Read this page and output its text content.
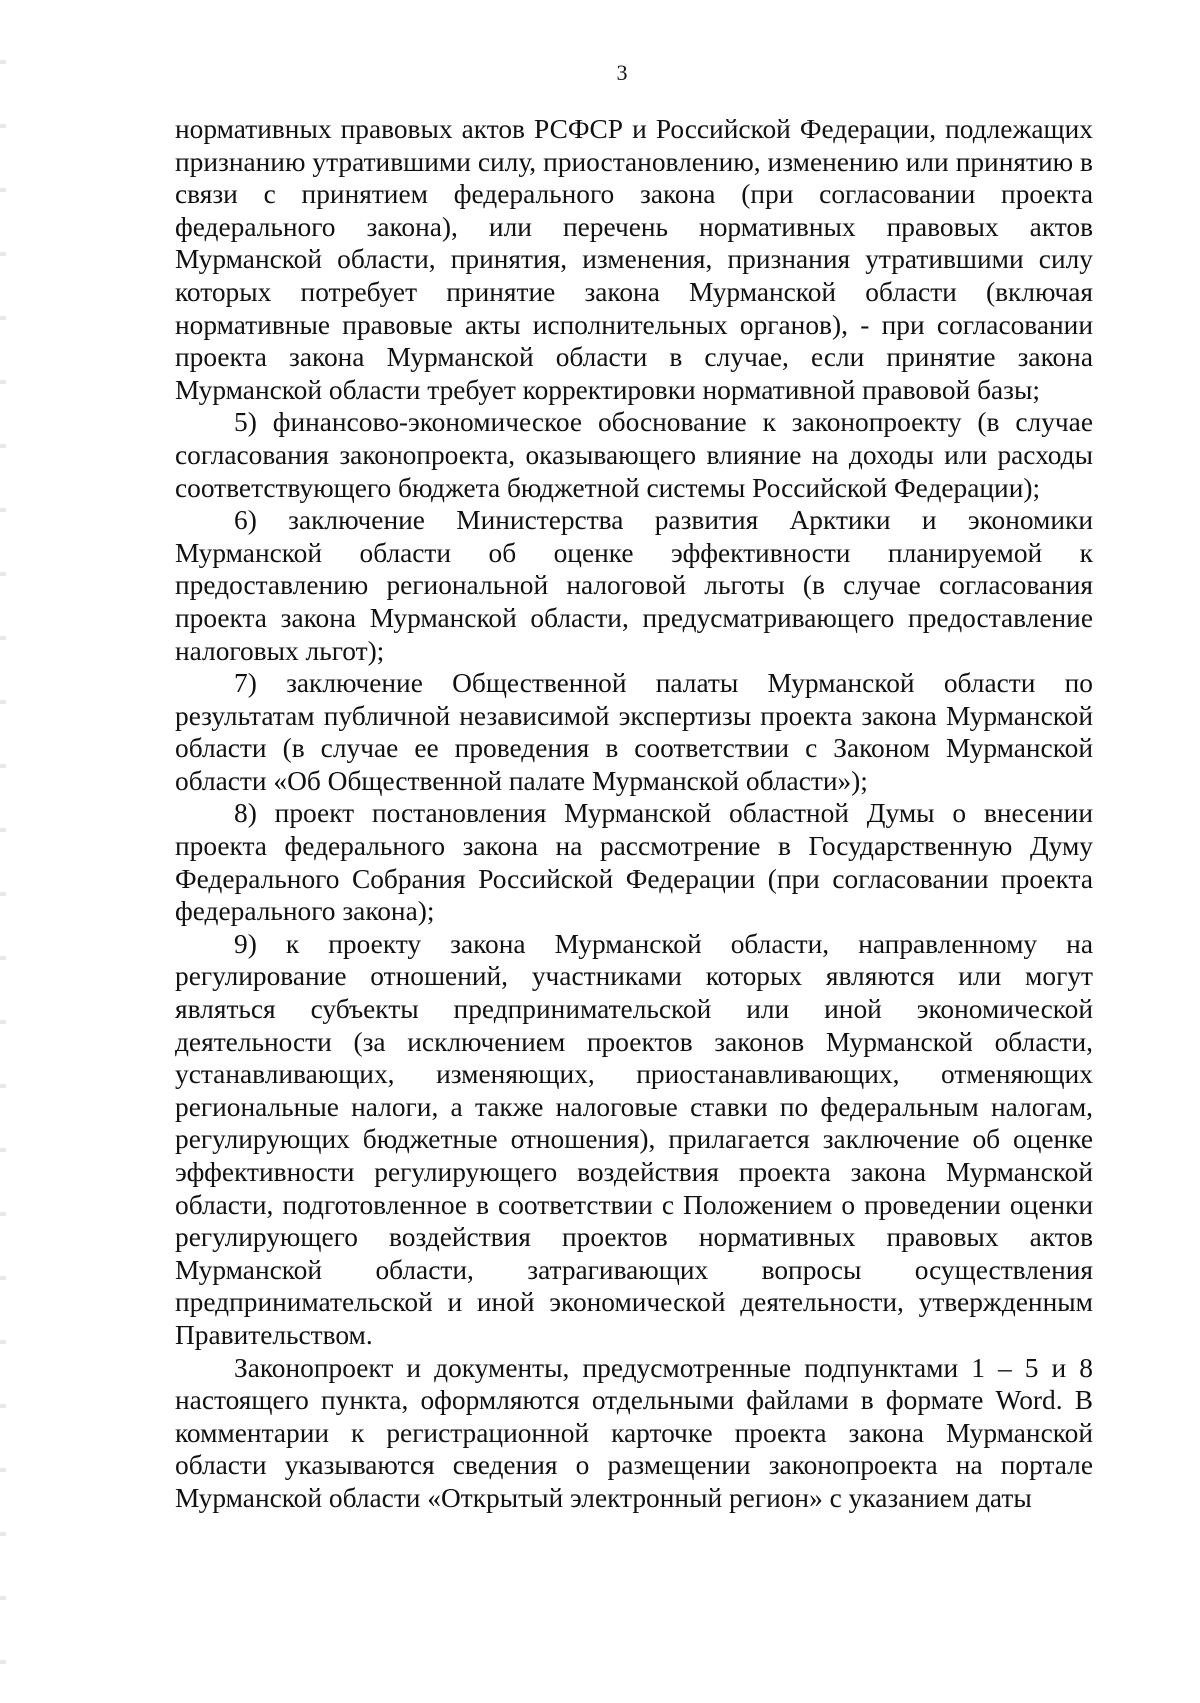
3

нормативных правовых актов РСФСР и Российской Федерации, подлежащих признанию утратившими силу, приостановлению, изменению или принятию в связи с принятием федерального закона (при согласовании проекта федерального закона), или перечень нормативных правовых актов Мурманской области, принятия, изменения, признания утратившими силу которых потребует принятие закона Мурманской области (включая нормативные правовые акты исполнительных органов), - при согласовании проекта закона Мурманской области в случае, если принятие закона Мурманской области требует корректировки нормативной правовой базы;

5) финансово-экономическое обоснование к законопроекту (в случае согласования законопроекта, оказывающего влияние на доходы или расходы соответствующего бюджета бюджетной системы Российской Федерации);

6) заключение Министерства развития Арктики и экономики Мурманской области об оценке эффективности планируемой к предоставлению региональной налоговой льготы (в случае согласования проекта закона Мурманской области, предусматривающего предоставление налоговых льгот);

7) заключение Общественной палаты Мурманской области по результатам публичной независимой экспертизы проекта закона Мурманской области (в случае ее проведения в соответствии с Законом Мурманской области «Об Общественной палате Мурманской области»);

8) проект постановления Мурманской областной Думы о внесении проекта федерального закона на рассмотрение в Государственную Думу Федерального Собрания Российской Федерации (при согласовании проекта федерального закона);

9) к проекту закона Мурманской области, направленному на регулирование отношений, участниками которых являются или могут являться субъекты предпринимательской или иной экономической деятельности (за исключением проектов законов Мурманской области, устанавливающих, изменяющих, приостанавливающих, отменяющих региональные налоги, а также налоговые ставки по федеральным налогам, регулирующих бюджетные отношения), прилагается заключение об оценке эффективности регулирующего воздействия проекта закона Мурманской области, подготовленное в соответствии с Положением о проведении оценки регулирующего воздействия проектов нормативных правовых актов Мурманской области, затрагивающих вопросы осуществления предпринимательской и иной экономической деятельности, утвержденным Правительством.

Законопроект и документы, предусмотренные подпунктами 1 – 5 и 8 настоящего пункта, оформляются отдельными файлами в формате Word. В комментарии к регистрационной карточке проекта закона Мурманской области указываются сведения о размещении законопроекта на портале Мурманской области «Открытый электронный регион» с указанием даты
